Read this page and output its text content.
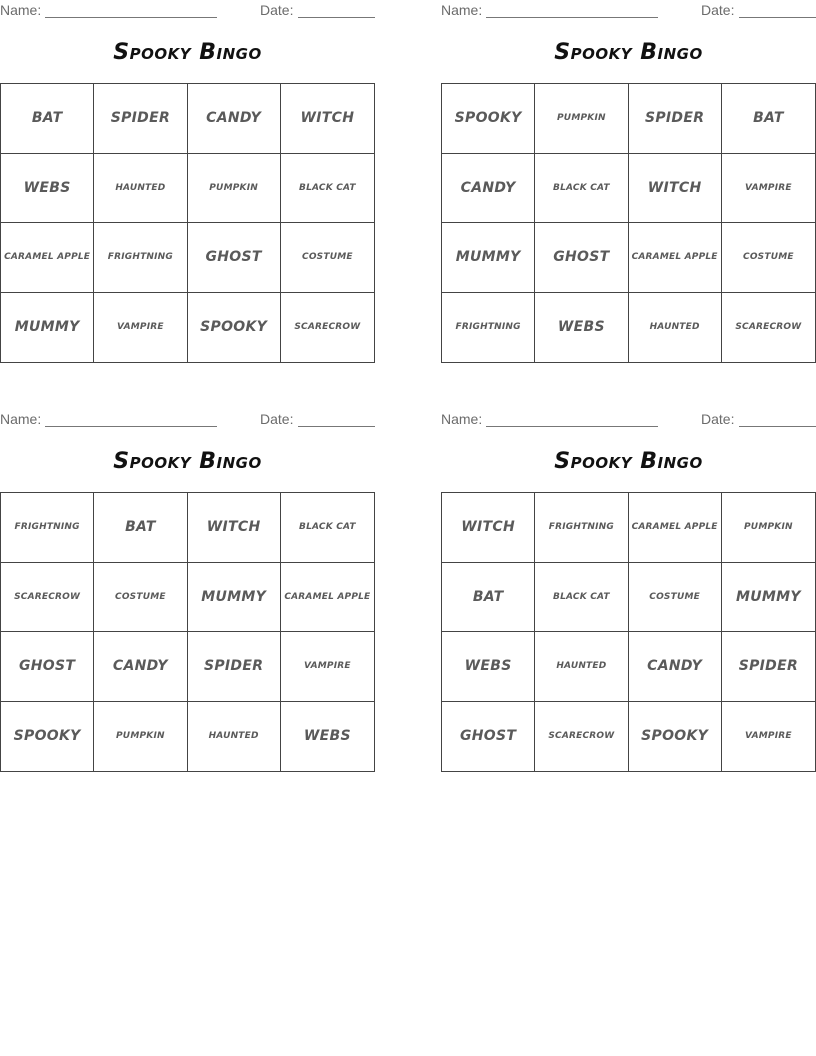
Name:	Date:
Spooky Bingo
BAT	SPIDER	CANDY	WITCH
WEBS	HAUNTED	PUMPKIN	BLACK CAT
CARAMEL APPLE	FRIGHTNING	GHOST	COSTUME
MUMMY	VAMPIRE	SPOOKY	SCARECROW
Name:	Date:
Spooky Bingo
SPOOKY	PUMPKIN	SPIDER	BAT
CANDY	BLACK CAT	WITCH	VAMPIRE
MUMMY	GHOST	CARAMEL APPLE	COSTUME
FRIGHTNING	WEBS	HAUNTED	SCARECROW
Name:	Date:
Spooky Bingo
FRIGHTNING	BAT	WITCH	BLACK CAT
SCARECROW	COSTUME	MUMMY	CARAMEL APPLE
GHOST	CANDY	SPIDER	VAMPIRE
SPOOKY	PUMPKIN	HAUNTED	WEBS
Name:	Date:
Spooky Bingo
WITCH	FRIGHTNING	CARAMEL APPLE	PUMPKIN
BAT	BLACK CAT	COSTUME	MUMMY
WEBS	HAUNTED	CANDY	SPIDER
GHOST	SCARECROW	SPOOKY	VAMPIRE
